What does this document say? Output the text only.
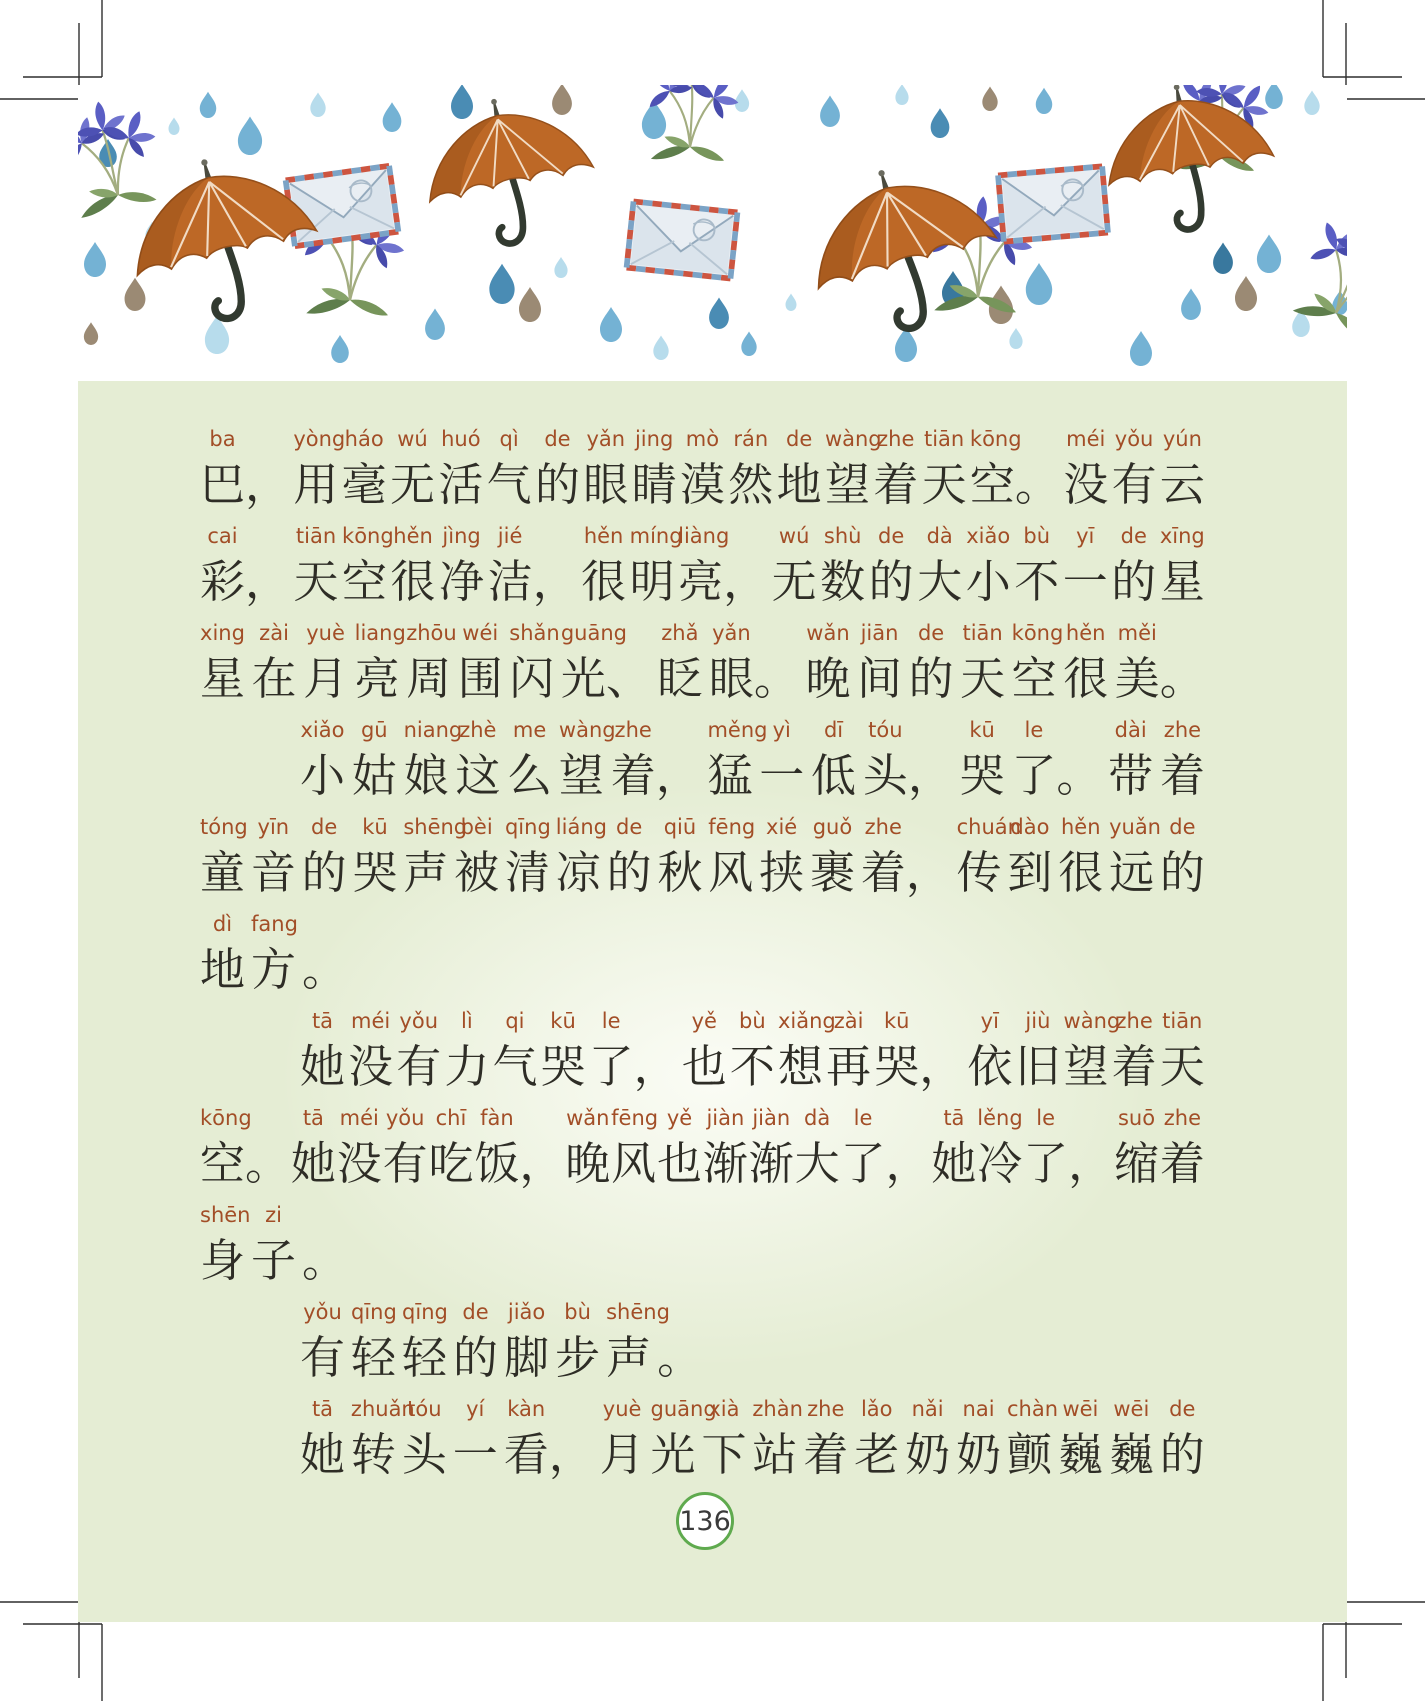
ba
巴，
yòng
用
háo
毫
wú
无
huó
活
qì
气
de
的
yǎn
眼
jing
睛
mò
漠
rán
然
de
地
wàng
望
zhe
着
tiān
天
kōng
空。
méi
没
yǒu
有
yún
云
cai
彩，
tiān
天
kōng
空
hěn
很
jìng
净
jié
洁，
hěn
很
míng
明
liàng
亮，
wú
无
shù
数
de
的
dà
大
xiǎo
小
bù
不
yī
一
de
的
xīng
星
xing
星
zài
在
yuè
月
liang
亮
zhōu
周
wéi
围
shǎn
闪
guāng
光、
zhǎ
眨
yǎn
眼。
wǎn
晚
jiān
间
de
的
tiān
天
kōng
空
hěn
很
měi
美。
xiǎo
小
gū
姑
niang
娘
zhè
这
me
么
wàng
望
zhe
着，
měng
猛
yì
一
dī
低
tóu
头，
kū
哭
le
了。
dài
带
zhe
着
tóng
童
yīn
音
de
的
kū
哭
shēng
声
bèi
被
qīng
清
liáng
凉
de
的
qiū
秋
fēng
风
xié
挟
guǒ
裹
zhe
着，
chuán
传
dào
到
hěn
很
yuǎn
远
de
的
dì
地
fang
方 。
tā
她
méi
没
yǒu
有
lì
力
qi
气
kū
哭
le
了，
yě
也
bù
不
xiǎng
想
zài
再
kū
哭，
yī
依
jiù
旧
wàng
望
zhe
着
tiān
天
kōng
空。
tā
她
méi
没
yǒu
有
chī
吃
fàn
饭，
wǎn
晚
fēng
风
yě
也
jiàn
渐
jiàn
渐
dà
大
le
了，
tā
她
lěng
冷
le
了，
suō
缩
zhe
着
shēn
身
zi
子 。
yǒu
有
qīng
轻
qīng
轻
de
的
jiǎo
脚
bù
步
shēng
声 。
tā
她
zhuǎn
转
tóu
头
yí
一
kàn
看，
yuè
月
guāng
光
xià
下
zhàn
站
zhe
着
lǎo
老
nǎi
奶
nai
奶
chàn
颤
wēi
巍
wēi
巍
de
的
136
